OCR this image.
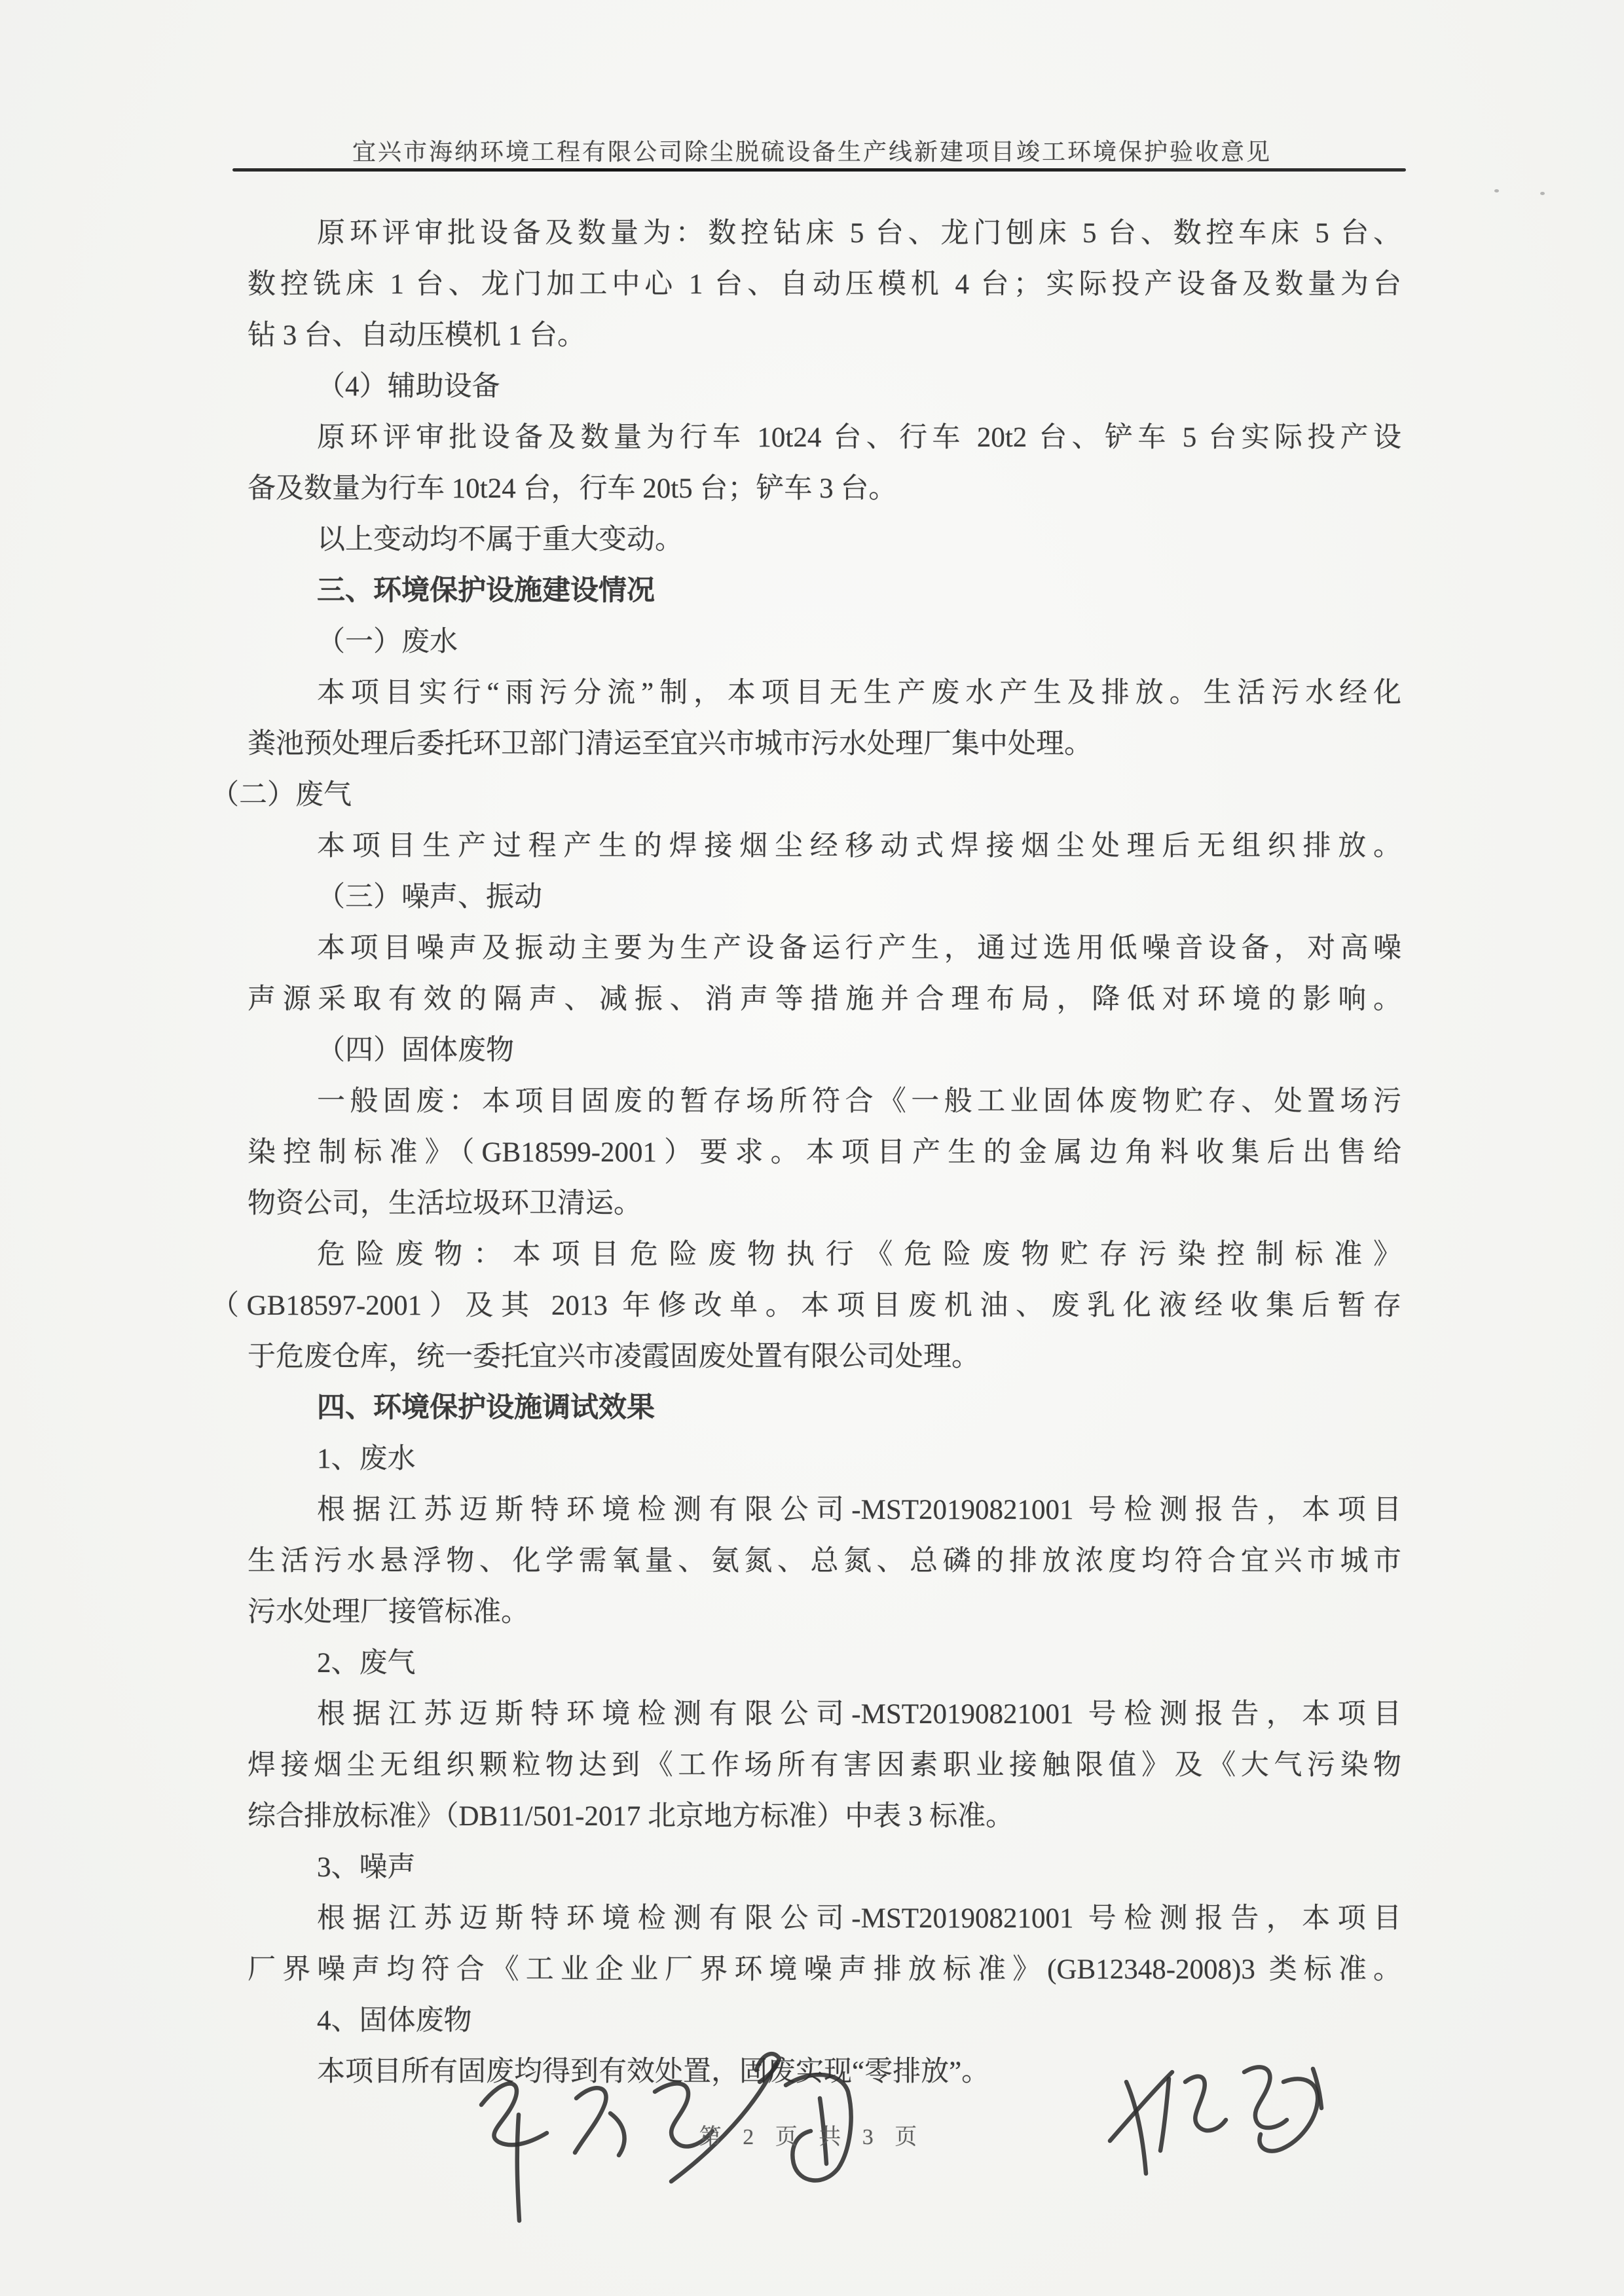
宜兴市海纳环境工程有限公司除尘脱硫设备生产线新建项目竣工环境保护验收意见
原环评审批设备及数量为：数控钻床 5 台、龙门刨床 5 台、数控车床 5 台、
数控铣床 1 台、龙门加工中心 1 台、自动压模机 4 台；实际投产设备及数量为台
钻 3 台、自动压模机 1 台。
（4）辅助设备
原环评审批设备及数量为行车 10t24 台、行车 20t2 台、铲车 5 台实际投产设
备及数量为行车 10t24 台，行车 20t5 台；铲车 3 台。
以上变动均不属于重大变动。
三、环境保护设施建设情况
（一）废水
本项目实行“雨污分流”制，本项目无生产废水产生及排放。生活污水经化
粪池预处理后委托环卫部门清运至宜兴市城市污水处理厂集中处理。
（二）废气
本项目生产过程产生的焊接烟尘经移动式焊接烟尘处理后无组织排放。
（三）噪声、振动
本项目噪声及振动主要为生产设备运行产生，通过选用低噪音设备，对高噪
声源采取有效的隔声、减振、消声等措施并合理布局，降低对环境的影响。
（四）固体废物
一般固废：本项目固废的暂存场所符合《一般工业固体废物贮存、处置场污
染控制标准》（GB18599-2001）要求。本项目产生的金属边角料收集后出售给
物资公司，生活垃圾环卫清运。
危险废物：本项目危险废物执行《危险废物贮存污染控制标准》
（GB18597-2001）及其 2013 年修改单。本项目废机油、废乳化液经收集后暂存
于危废仓库，统一委托宜兴市凌霞固废处置有限公司处理。
四、环境保护设施调试效果
1、废水
根据江苏迈斯特环境检测有限公司-MST20190821001 号检测报告，本项目
生活污水悬浮物、化学需氧量、氨氮、总氮、总磷的排放浓度均符合宜兴市城市
污水处理厂接管标准。
2、废气
根据江苏迈斯特环境检测有限公司-MST20190821001 号检测报告，本项目
焊接烟尘无组织颗粒物达到《工作场所有害因素职业接触限值》及《大气污染物
综合排放标准》（DB11/501-2017 北京地方标准）中表 3 标准。
3、噪声
根据江苏迈斯特环境检测有限公司-MST20190821001 号检测报告，本项目
厂界噪声均符合《工业企业厂界环境噪声排放标准》(GB12348-2008)3 类标准。
4、固体废物
本项目所有固废均得到有效处置，固废实现“零排放”。
第 2 页 共 3 页
